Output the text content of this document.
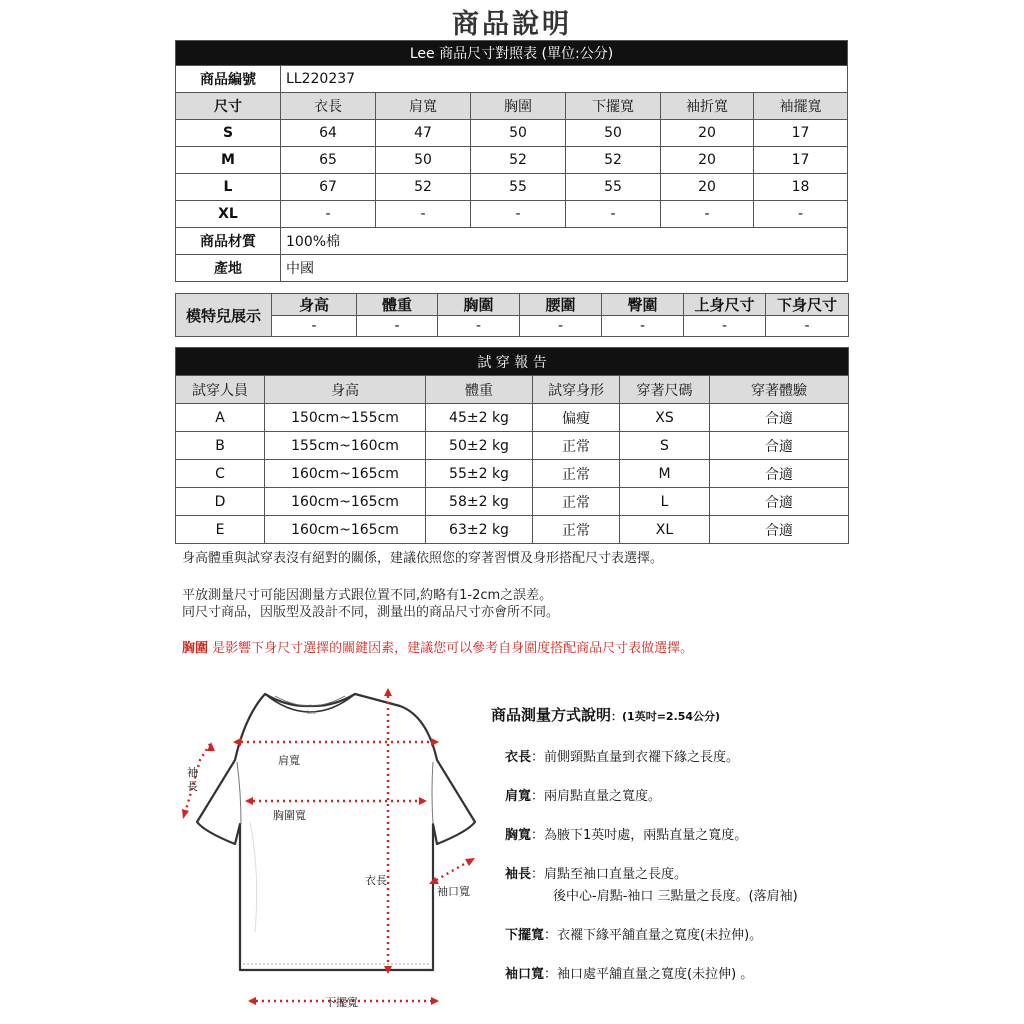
商品說明
Lee 商品尺寸對照表 (單位:公分)						
商品編號	LL220237					
尺寸	衣長	肩寬	胸圍	下擺寬	袖折寬	袖擺寬
S	64	47	50	50	20	17
M	65	50	52	52	20	17
L	67	52	55	55	20	18
XL	-	-	-	-	-	-
商品材質	100%棉					
產地	中國					
模特兒展示	身高	體重	胸圍	腰圍	臀圍	上身尺寸	下身尺寸
	-	-	-	-	-	-	-
試 穿 報 告					
試穿人員	身高	體重	試穿身形	穿著尺碼	穿著體驗
A	150cm~155cm	45±2 kg	偏瘦	XS	合適
B	155cm~160cm	50±2 kg	正常	S	合適
C	160cm~165cm	55±2 kg	正常	M	合適
D	160cm~165cm	58±2 kg	正常	L	合適
E	160cm~165cm	63±2 kg	正常	XL	合適
身高體重與試穿表沒有絕對的關係，建議依照您的穿著習慣及身形搭配尺寸表選擇。
平放測量尺寸可能因測量方式跟位置不同,約略有1-2cm之誤差。
同尺寸商品，因版型及設計不同，測量出的商品尺寸亦會所不同。
胸圍 是影響下身尺寸選擇的關鍵因素，建議您可以參考自身圍度搭配商品尺寸表做選擇。
Lee
肩寬
胸圍寬
衣長
袖口寬
下擺寬
袖長
商品測量方式說明：(1英吋=2.54公分)
衣長：前側頸點直量到衣襬下緣之長度。
肩寬：兩肩點直量之寬度。
胸寬：為腋下1英吋處，兩點直量之寬度。
袖長：肩點至袖口直量之長度。
後中心-肩點-袖口 三點量之長度。(落肩袖)
下擺寬：衣襬下緣平舖直量之寬度(未拉伸)。
袖口寬：袖口處平舖直量之寬度(未拉伸) 。
